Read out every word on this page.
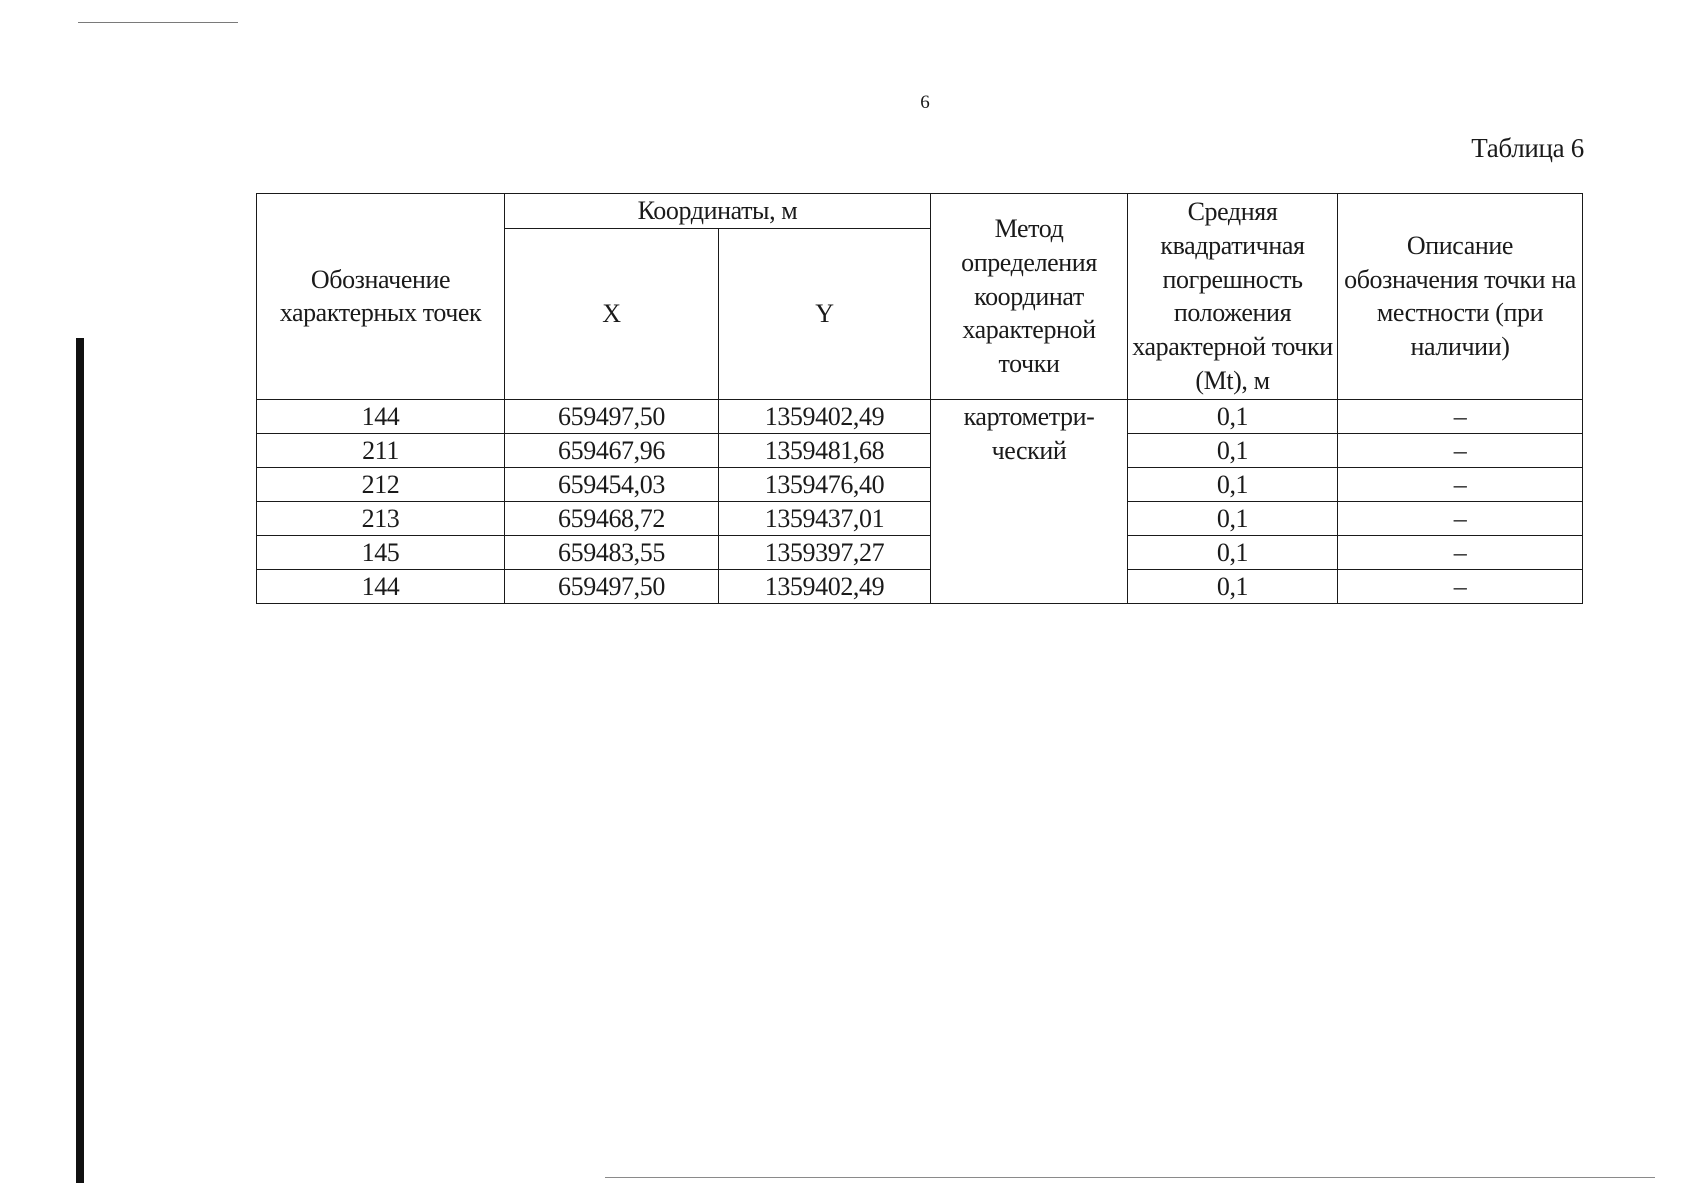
6
Таблица 6
Обозначение характерных точек	Координаты, м		Метод определения координат характерной точки	Средняя квадратичная погрешность положения характерной точки (Mt), м	Описание обозначения точки на местности (при наличии)
	X	Y			
144	659497,50	1359402,49	картометри-ческий	0,1	–
211	659467,96	1359481,68		0,1	–
212	659454,03	1359476,40		0,1	–
213	659468,72	1359437,01		0,1	–
145	659483,55	1359397,27		0,1	–
144	659497,50	1359402,49		0,1	–
